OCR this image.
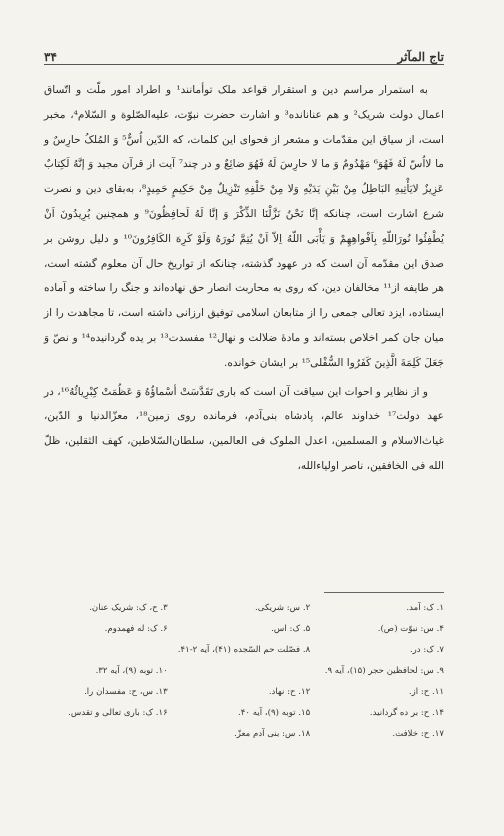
تاج المآثر
۳۴

به استمرار مراسم دین و استقرار قواعد ملک توأمانند¹ و اطراد امور ملّت و اتّساق اعمال دولت شریک² و هم عنانانده³ و اشارت حضرت نبوّت، علیه‌الصّلوة و السّلام⁴، مخبر است، از سیاق این مقدّمات و مشعر از فحوای این کلمات، که الدّین اُسٌّ⁵ وَ المُلکُ حارِسٌ و ما لااُسّ لَهُ فَهُوَ⁶ مَهْدُومٌ وَ ما لا حارِسَ لَهُ فَهُوَ ضائِعٌ و در چند⁷ آیت از قرآن مجید وَ إنَّهُ لَکِتابٌ عَزِیزٌ لایَأْتِیهِ البَاطِلُ مِنْ بَیْنِ یَدَیْهِ وَلا مِنْ خَلْفِهِ تَنْزِیلٌ مِنْ حَکِیمٍ حَمِیدٍ⁸، به‌بقای دین و نصرت شرع اشارت است، چنانکه إنَّا نَحْنُ نَزَّلْنَا الذِّکْرَ وَ إنَّا لَهُ لَحافِظُونَ⁹ و همچنین یُرِیدُونَ اَنْ یُطْفِئُوا نُورَاللّهِ بِاَفْواهِهِمْ وَ یَأْبَی اللّهُ اِلاّ اَنْ یُتِمَّ نُورَهُ وَلَوْ کَرِهَ الکَافِرُونَ¹⁰ و دلیل روشن بر صدق این مقدّمه آن است که در عهود گذشته، چنانکه از تواریخ حال آن معلوم گشته است، هر طایفه از¹¹ مخالفان دین، که روی به محاربت انصار حق نهاده‌اند و جنگ را ساخته و آماده ایستاده، ایزد تعالی جمعی را از متابعان اسلامی توفیق ارزانی داشته است، تا مجاهدت را از میان جان کمر اخلاص بسته‌اند و مادهٔ ضلالت و نهال¹² مفسدت¹³ بر یده گردانیده¹⁴ و نصّ وَ جَعَلَ کَلِمَةَ الَّذِینَ کَفَرُوا السُّفْلی¹⁵ بر ایشان خوانده.

و از نظایر و احوات این سیاقت آن است که باری تَقَدَّسَتْ أسْماؤُهُ وَ عَظُمَتْ کِبْرِیائُهُ¹⁶، در عهد دولت¹⁷ خداوند عالم، پادشاه بنی‌آدم، فرمانده روی زمین¹⁸، معزّالدنیا و الدّین، غیاث‌الاسلام و المسلمین، اعدل الملوک فی العالمین، سلطان‌السّلاطین، کهف الثقلین، ظلّ الله فی الخافقین، ناصر اولیاءالله،

۱. ک: آمد.
۲. س: شریکی.
۳. ح، ک: شریک عنان.
۴. س: نبوّت (ص).
۵. ک: اس.
۶. ک: له فهمدوم.
۷. ک: در.
۸. فصّلت حم السّجده (۴۱)، آیه ۲-۴۱.
۹. س: لحافظین حجر (۱۵)، آیه ۹.
۱۰. توبه (۹)، آیه ۳۲.
۱۱. ح: از.
۱۲. ح: نهاد.
۱۳. س، ح: مفسدان را.
۱۴. ح: بر ده گردانید.
۱۵. توبه (۹)، آیه ۴۰.
۱۶. ک: باری تعالی و تقدس.
۱۷. ح: خلافت.
۱۸. س: بنی آدم معزّ.
